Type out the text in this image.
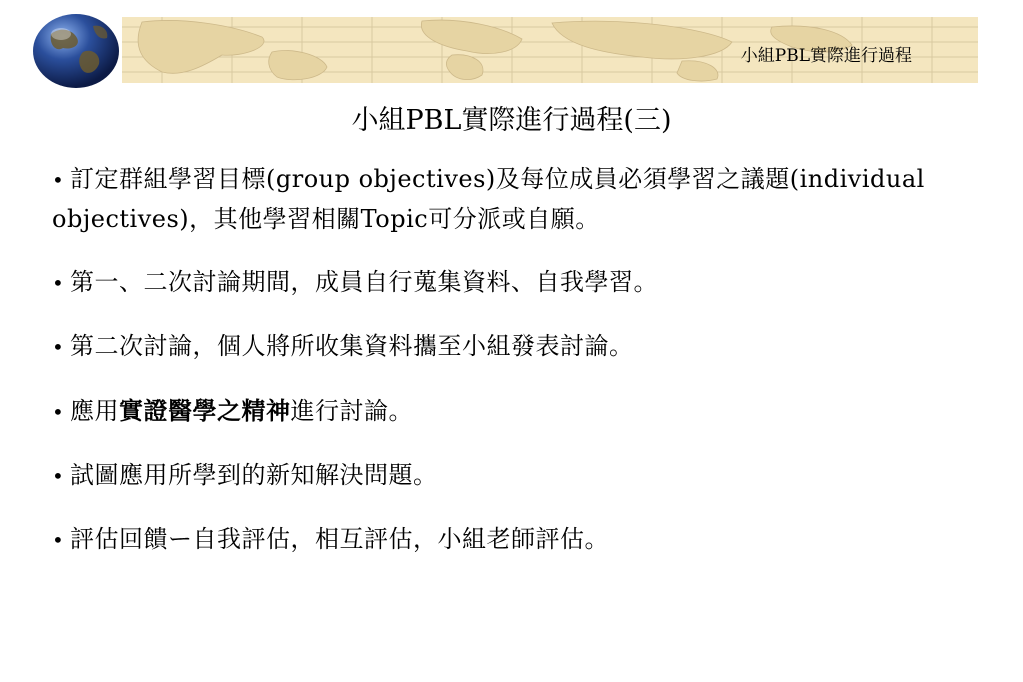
小組PBL實際進行過程
小組PBL實際進行過程(三)
• 訂定群組學習目標(group objectives)及每位成員必須學習之議題(individual objectives)，其他學習相關Topic可分派或自願。
• 第一、二次討論期間，成員自行蒐集資料、自我學習。
• 第二次討論，個人將所收集資料攜至小組發表討論。
• 應用實證醫學之精神進行討論。
• 試圖應用所學到的新知解決問題。
• 評估回饋ー自我評估，相互評估，小組老師評估。
